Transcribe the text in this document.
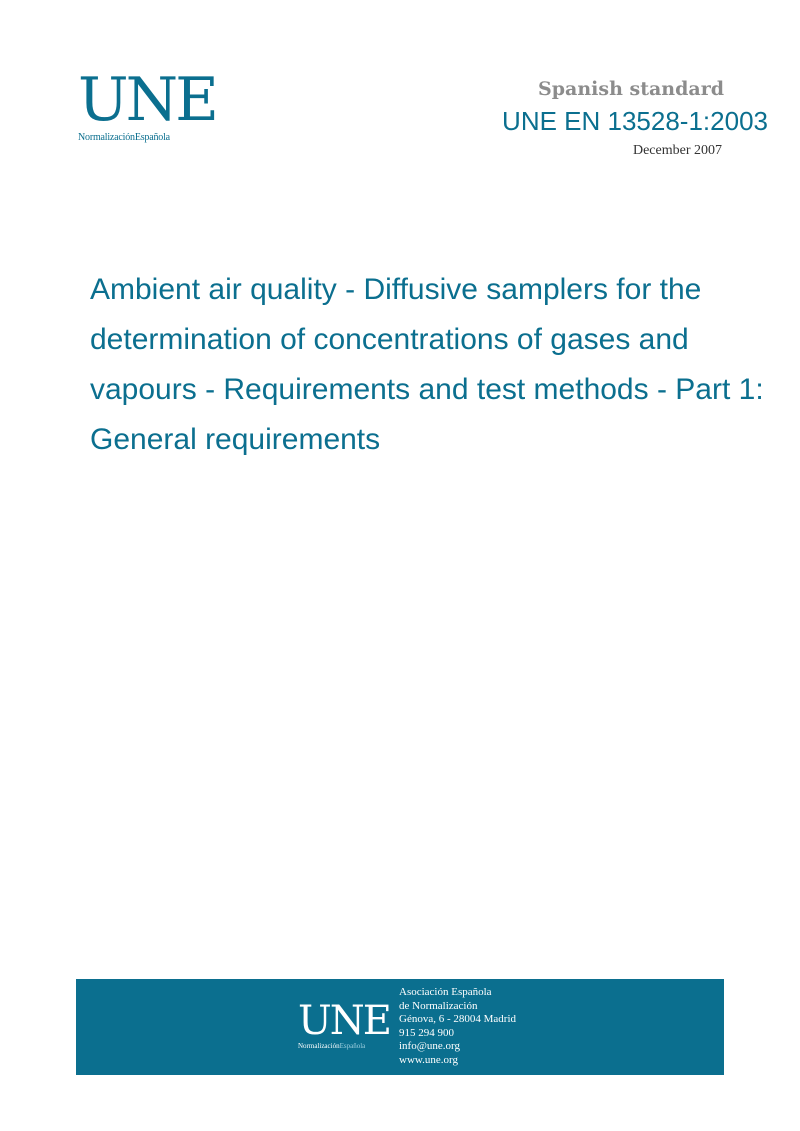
UNE
NormalizaciónEspañola
Spanish standard
UNE EN 13528-1:2003
December 2007
Ambient air quality - Diffusive samplers for the determination of concentrations of gases and vapours - Requirements and test methods - Part 1: General requirements
UNE
NormalizaciónEspañola
Asociación Española
de Normalización
Génova, 6 - 28004 Madrid
915 294 900
info@une.org
www.une.org
